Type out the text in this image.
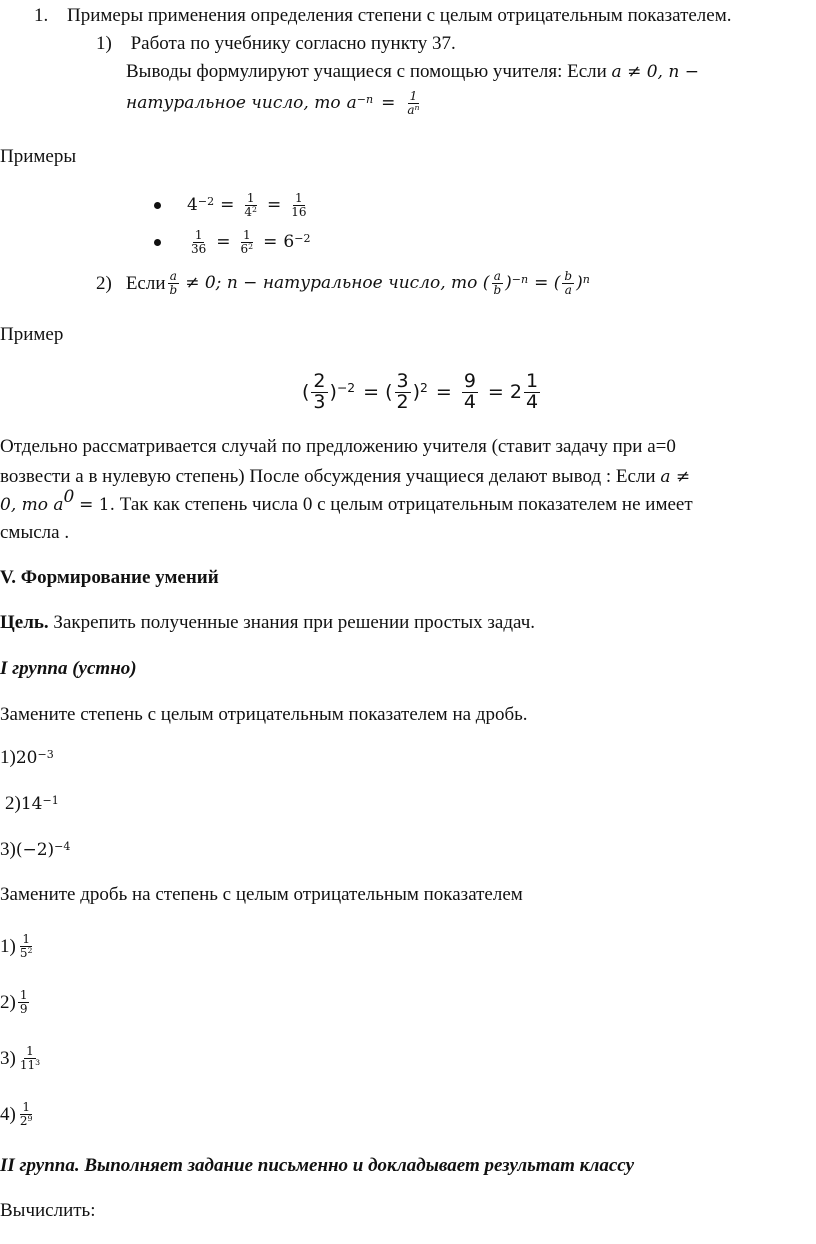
1. Примеры применения определения степени с целым отрицательным показателем.
1) Работа по учебнику согласно пункту 37.
Выводы формулируют учащиеся с помощью учителя: Если a ≠ 0, n −
натуральное число, то $a^{-n} = \frac{1}{a^n}$
Примеры
$4^{-2} = \frac{1}{4^2} = \frac{1}{16}$
$\frac{1}{36} = \frac{1}{6^2} = 6^{-2}$
2) Если $\frac{a}{b} \ne 0$; n − натуральное число, то ( $\frac{a}{b} )^{-n}$ = ( $\frac{b}{a} )^n$
Пример
( $\frac{2}{3} )^{-2}$ = ( $\frac{3}{2} )^2 = \frac{9}{4} = 2 \frac{1}{4}$
Отдельно рассматривается случай по предложению учителя (ставит задачу при a=0
возвести a в нулевую степень) После обсуждения учащиеся делают вывод : Если a ≠
0, то $a^0 = 1$. Так как степень числа 0 с целым отрицательным показателем не имеет
смысла .
V. Формирование умений
Цель. Закрепить полученные знания при решении простых задач.
I группа (устно)
Замените степень с целым отрицательным показателем на дробь.
$1)20^{-3}$
$2)14^{-1}$
$3)(-2)^{-4}$
Замените дробь на степень с целым отрицательным показателем
$1) \frac{1}{5^2}$
$2) \frac{1}{9}$
$3) \frac{1}{11^3}$
$4) \frac{1}{2^9}$
II группа. Выполняет задание письменно и докладывает результат классу
Вычислить:
